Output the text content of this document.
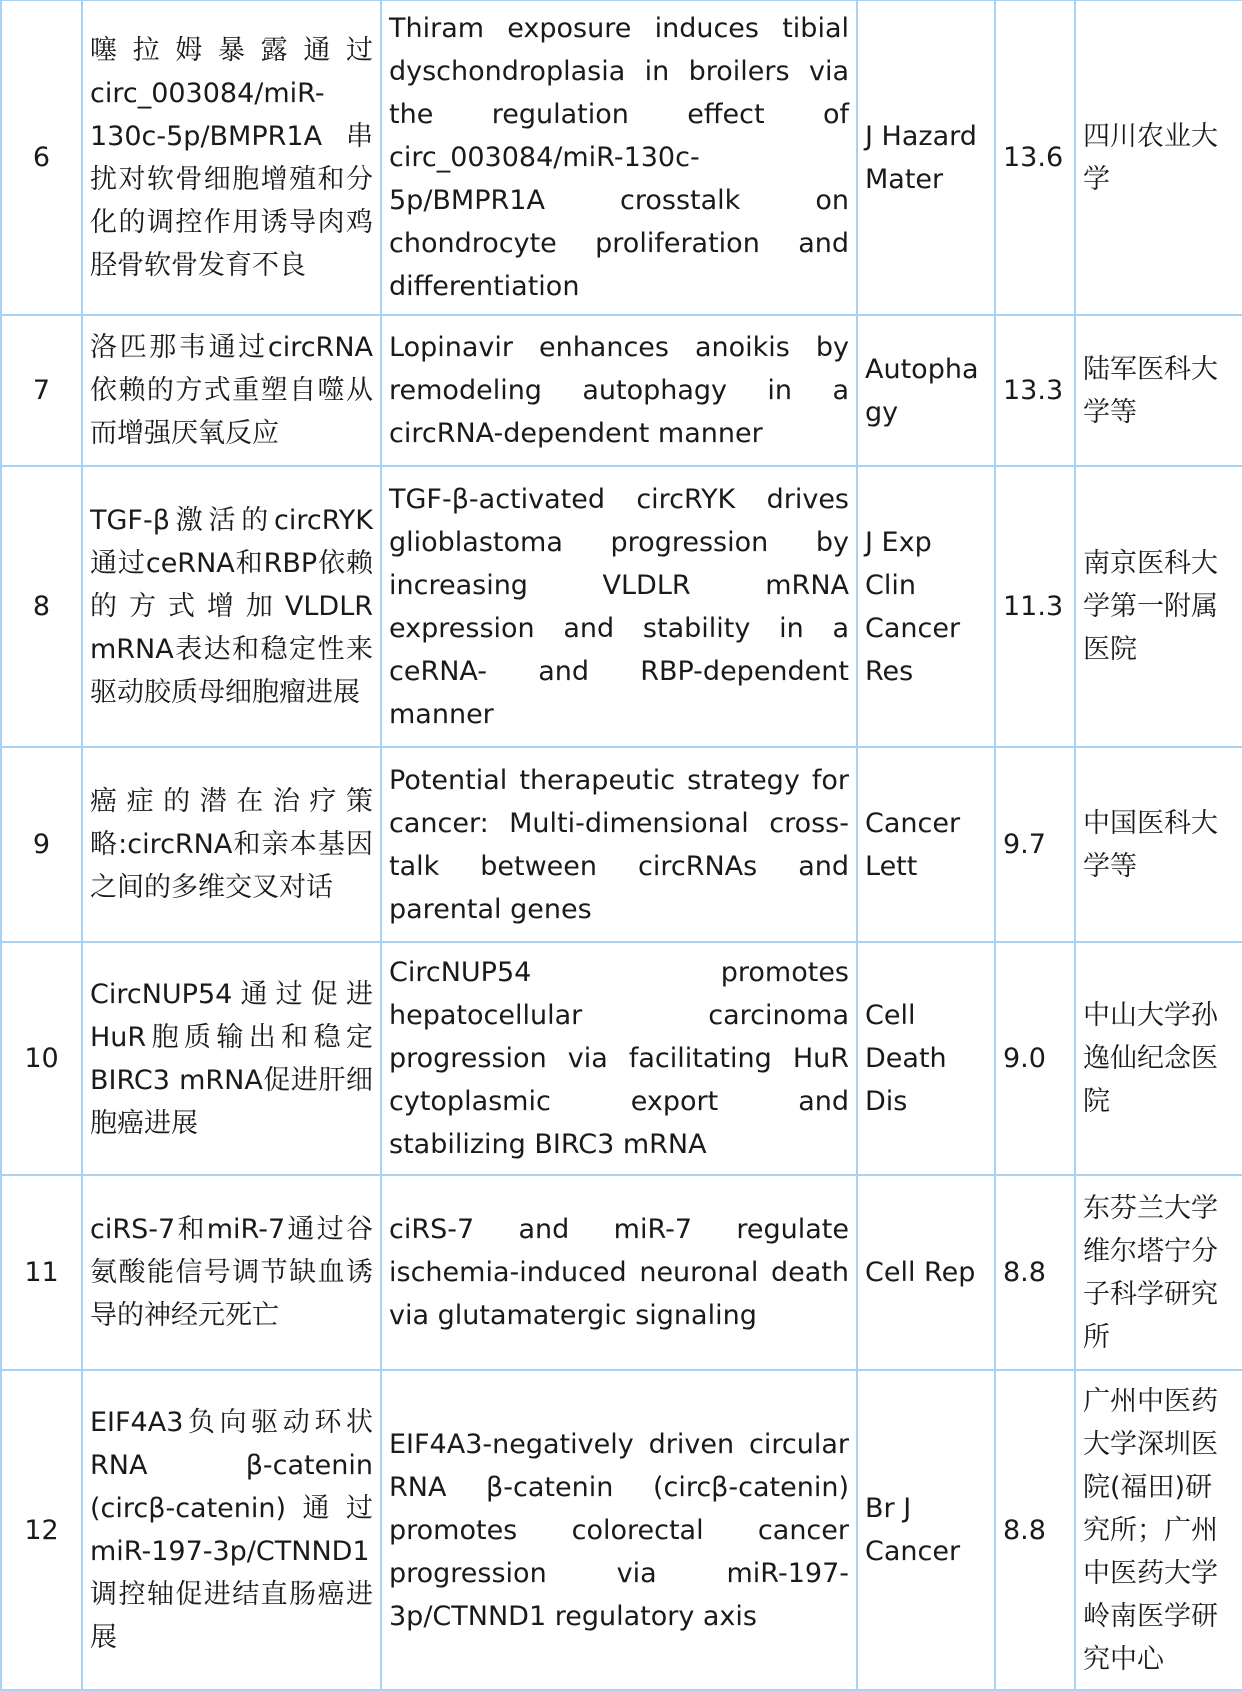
6	噻拉姆暴露通过circ_003084/miR-130c-5p/BMPR1A串扰对软骨细胞增殖和分化的调控作用诱导肉鸡胫骨软骨发育不良	Thiram exposure induces tibial dyschondroplasia in broilers via the regulation effect of circ_003084/miR-130c-5p/BMPR1A crosstalk on chondrocyte proliferation and differentiation	J Hazard Mater	13.6	四川农业大学
7	洛匹那韦通过circRNA依赖的方式重塑自噬从而增强厌氧反应	Lopinavir enhances anoikis by remodeling autophagy in a circRNA-dependent manner	Autophagy	13.3	陆军医科大学等
8	TGF-β激活的circRYK通过ceRNA和RBP依赖的方式增加VLDLR mRNA表达和稳定性来驱动胶质母细胞瘤进展	TGF-β-activated circRYK drives glioblastoma progression by increasing VLDLR mRNA expression and stability in a ceRNA- and RBP-dependent manner	J Exp Clin Cancer Res	11.3	南京医科大学第一附属医院
9	癌症的潜在治疗策略:circRNA和亲本基因之间的多维交叉对话	Potential therapeutic strategy for cancer: Multi-dimensional cross-talk between circRNAs and parental genes	Cancer Lett	9.7	中国医科大学等
10	CircNUP54通过促进HuR胞质输出和稳定BIRC3 mRNA促进肝细胞癌进展	CircNUP54 promotes hepatocellular carcinoma progression via facilitating HuR cytoplasmic export and stabilizing BIRC3 mRNA	Cell Death Dis	9.0	中山大学孙逸仙纪念医院
11	ciRS-7和miR-7通过谷氨酸能信号调节缺血诱导的神经元死亡	ciRS-7 and miR-7 regulate ischemia-induced neuronal death via glutamatergic signaling	Cell Rep	8.8	东芬兰大学维尔塔宁分子科学研究所
12	EIF4A3负向驱动环状RNA β-catenin (circβ-catenin)通过miR-197-3p/CTNND1调控轴促进结直肠癌进展	EIF4A3-negatively driven circular RNA β-catenin (circβ-catenin) promotes colorectal cancer progression via miR-197-3p/CTNND1 regulatory axis	Br J Cancer	8.8	广州中医药大学深圳医院(福田)研究所；广州中医药大学岭南医学研究中心
